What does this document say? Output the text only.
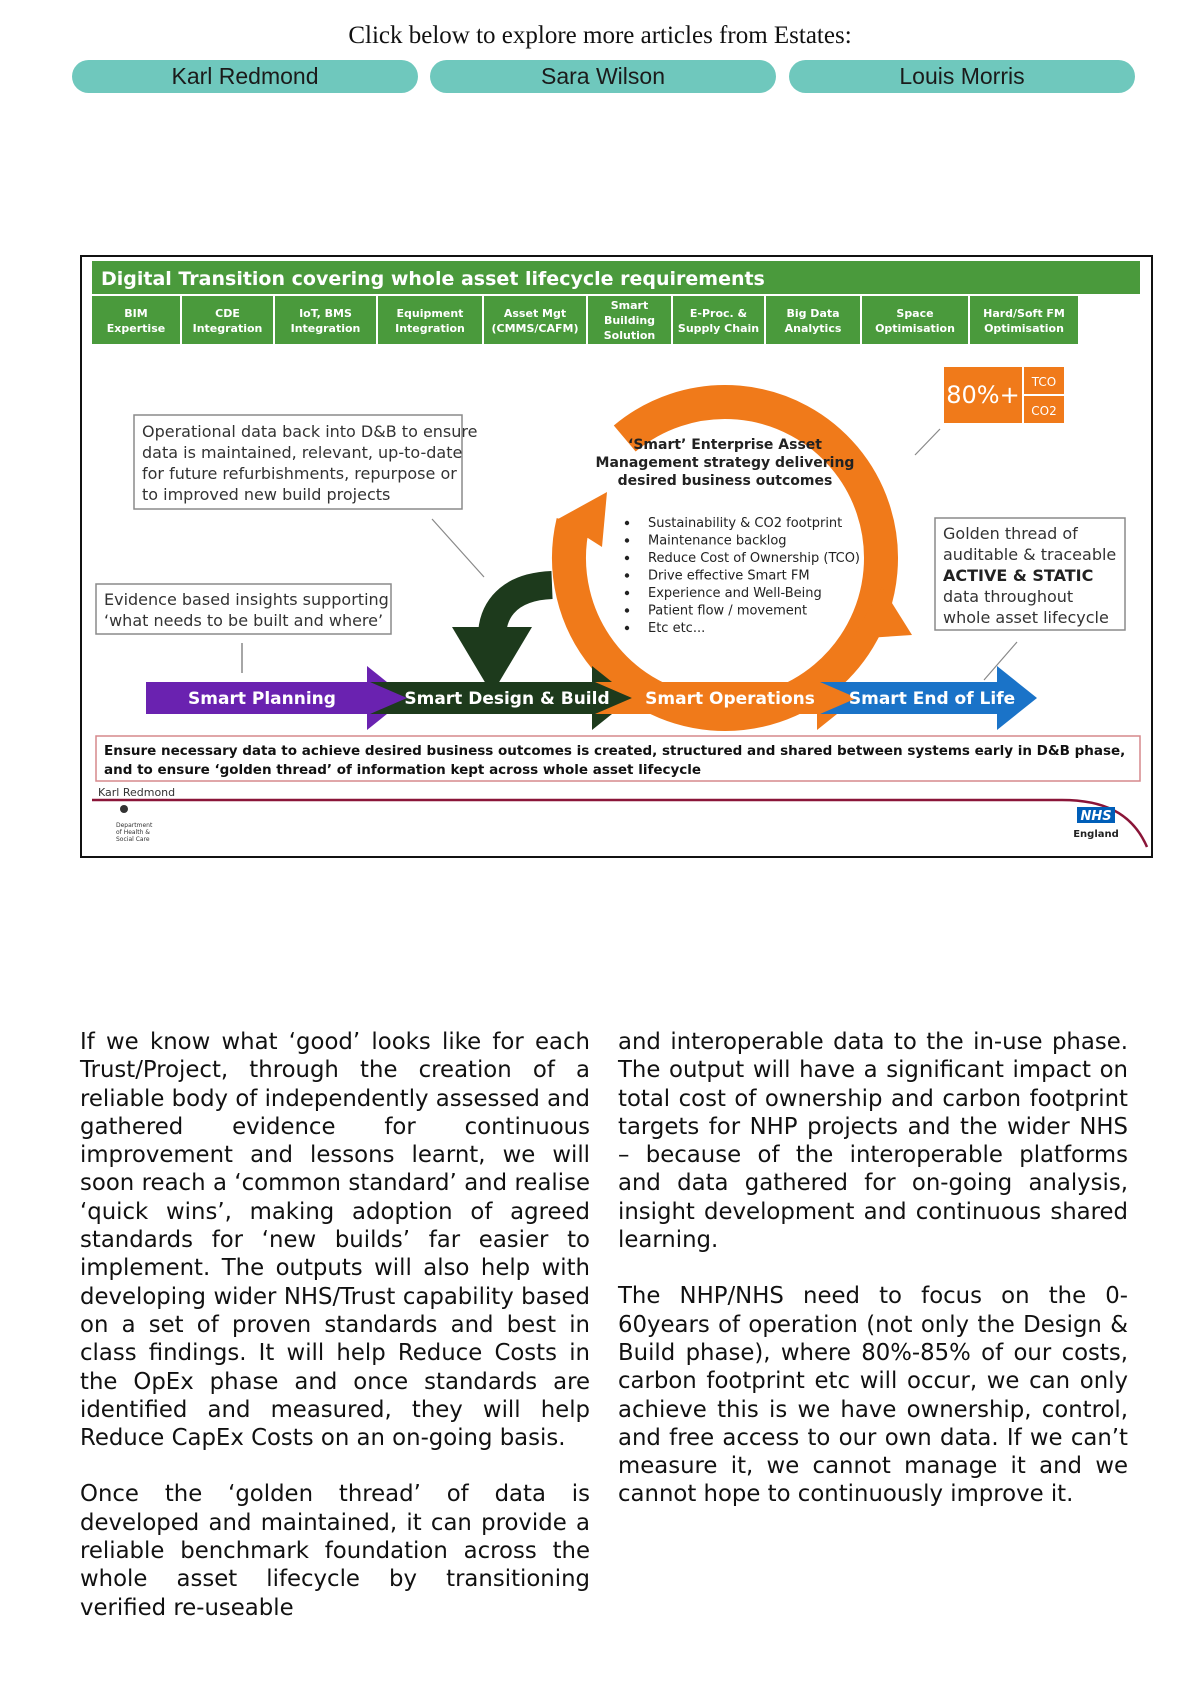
Click below to explore more articles from Estates:
Karl Redmond	Sara Wilson	Louis Morris
Digital Transition covering whole asset lifecycle requirements
BIM
Expertise
CDE
Integration
IoT, BMS
Integration
Equipment
Integration
Asset Mgt
(CMMS/CAFM)
Smart
Building
Solution
E-Proc. &
Supply Chain
Big Data
Analytics
Space
Optimisation
Hard/Soft FM
Optimisation
‘Smart’ Enterprise Asset
Management strategy delivering
desired business outcomes
Sustainability & CO2 footprint
Maintenance backlog
Reduce Cost of Ownership (TCO)
Drive effective Smart FM
Experience and Well-Being
Patient flow / movement
Etc etc...
Operational data back into D&B to ensure
data is maintained, relevant, up-to-date
for future refurbishments, repurpose or
to improved new build projects
Evidence based insights supporting
‘what needs to be built and where’
Golden thread of
auditable & traceable
ACTIVE & STATIC
data throughout
whole asset lifecycle
80%+ TCO
CO2
Smart Planning	Smart Design & Build Smart Operations Smart End of Life
Ensure necessary data to achieve desired business outcomes is created, structured and shared between systems early in D&B phase,
and to ensure ‘golden thread’ of information kept across whole asset lifecycle
Karl Redmond
Department
of Health &
Social Care
NHS
England

If we know what ‘good’ looks like for each Trust/Project, through the creation of a reliable body of independently assessed and gathered evidence for continuous improvement and lessons learnt, we will soon reach a ‘common standard’ and realise ‘quick wins’, making adoption of agreed standards for ‘new builds’ far easier to implement. The outputs will also help with developing wider NHS/Trust capability based on a set of proven standards and best in class findings. It will help Reduce Costs in the OpEx phase and once standards are identified and measured, they will help Reduce CapEx Costs on an on-going basis.

Once the ‘golden thread’ of data is developed and maintained, it can provide a reliable benchmark foundation across the whole asset lifecycle by transitioning verified re-useable

and interoperable data to the in-use phase. The output will have a significant impact on total cost of ownership and carbon footprint targets for NHP projects and the wider NHS – because of the interoperable platforms and data gathered for on-going analysis, insight development and continuous shared learning.

The NHP/NHS need to focus on the 0-60years of operation (not only the Design & Build phase), where 80%-85% of our costs, carbon footprint etc will occur, we can only achieve this is we have ownership, control, and free access to our own data. If we can’t measure it, we cannot manage it and we cannot hope to continuously improve it.
